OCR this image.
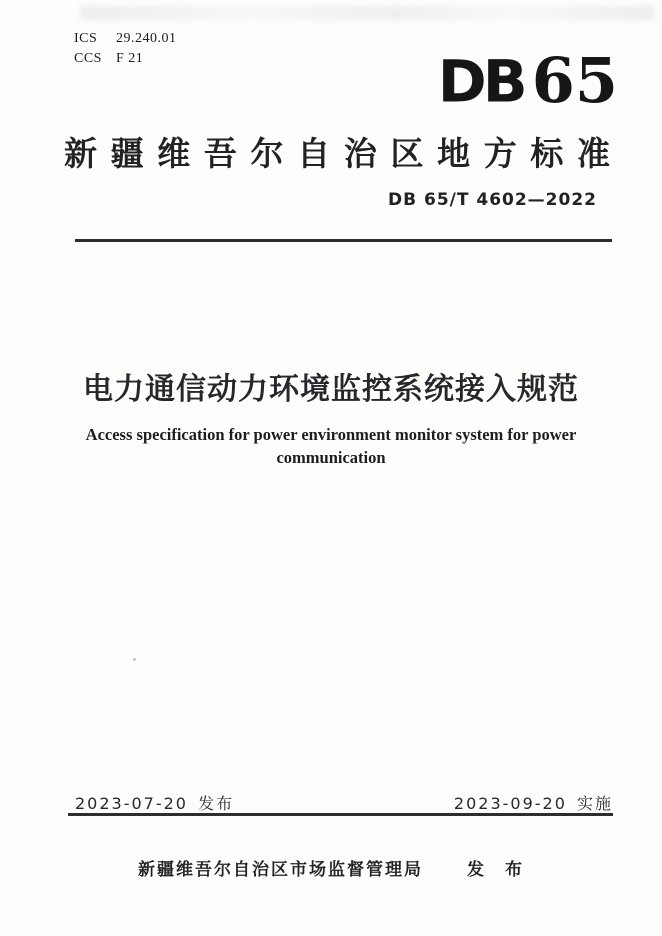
ICS 29.240.01
CCS F 21	DB 65
新疆维吾尔自治区地方标准
DB 65/T 4602—2022
电力通信动力环境监控系统接入规范
Access specification for power environment monitor system for power
communication
2023-07-20 发布	2023-09-20 实施
新疆维吾尔自治区市场监督管理局	发　布
